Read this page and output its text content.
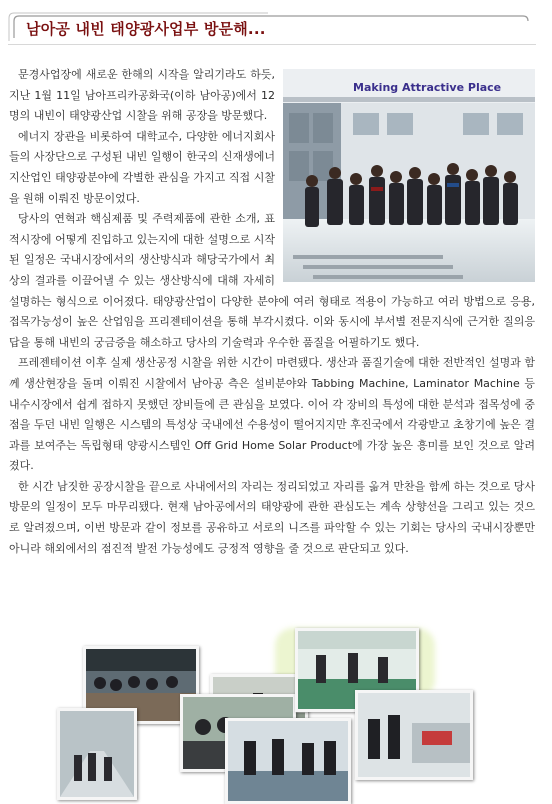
남아공 내빈 태양광사업부 방문해...
Making Attractive Place

문경사업장에 새로운 한해의 시작을 알리기라도 하듯, 지난 1월 11일 남아프리카공화국(이하 남아공)에서 12명의 내빈이 태양광산업 시찰을 위해 공장을 방문했다.

에너지 장관을 비롯하여 대학교수, 다양한 에너지회사들의 사장단으로 구성된 내빈 일행이 한국의 신재생에너지산업인 태양광분야에 각별한 관심을 가지고 직접 시찰을 원해 이뤄진 방문이었다.

당사의 연혁과 핵심제품 및 주력제품에 관한 소개, 표적시장에 어떻게 진입하고 있는지에 대한 설명으로 시작된 일정은 국내시장에서의 생산방식과 해당국가에서 최상의 결과를 이끌어낼 수 있는 생산방식에 대해 자세히 설명하는 형식으로 이어졌다. 태양광산업이 다양한 분야에 여러 형태로 적용이 가능하고 여러 방법으로 응용, 접목가능성이 높은 산업임을 프리젠테이션을 통해 부각시켰다. 이와 동시에 부서별 전문지식에 근거한 질의응답을 통해 내빈의 궁금증을 해소하고 당사의 기술력과 우수한 품질을 어필하기도 했다.

프레젠테이션 이후 실제 생산공정 시찰을 위한 시간이 마련됐다. 생산과 품질기술에 대한 전반적인 설명과 함께 생산현장을 돌며 이뤄진 시찰에서 남아공 측은 설비분야와 Tabbing Machine, Laminator Machine 등 내수시장에서 쉽게 접하지 못했던 장비들에 큰 관심을 보였다. 이어 각 장비의 특성에 대한 분석과 접목성에 중점을 두던 내빈 일행은 시스템의 특성상 국내에선 수용성이 떨어지지만 후진국에서 각광받고 초창기에 높은 결과를 보여주는 독립형태 양광시스템인 Off Grid Home Solar Product에 가장 높은 흥미를 보인 것으로 알려졌다.

한 시간 남짓한 공장시찰을 끝으로 사내에서의 자리는 정리되었고 자리를 옮겨 만찬을 함께 하는 것으로 당사 방문의 일정이 모두 마무리됐다. 현재 남아공에서의 태양광에 관한 관심도는 계속 상향선을 그리고 있는 것으로 알려졌으며, 이번 방문과 같이 정보를 공유하고 서로의 니즈를 파악할 수 있는 기회는 당사의 국내시장뿐만 아니라 해외에서의 점진적 발전 가능성에도 긍정적 영향을 줄 것으로 판단되고 있다.
